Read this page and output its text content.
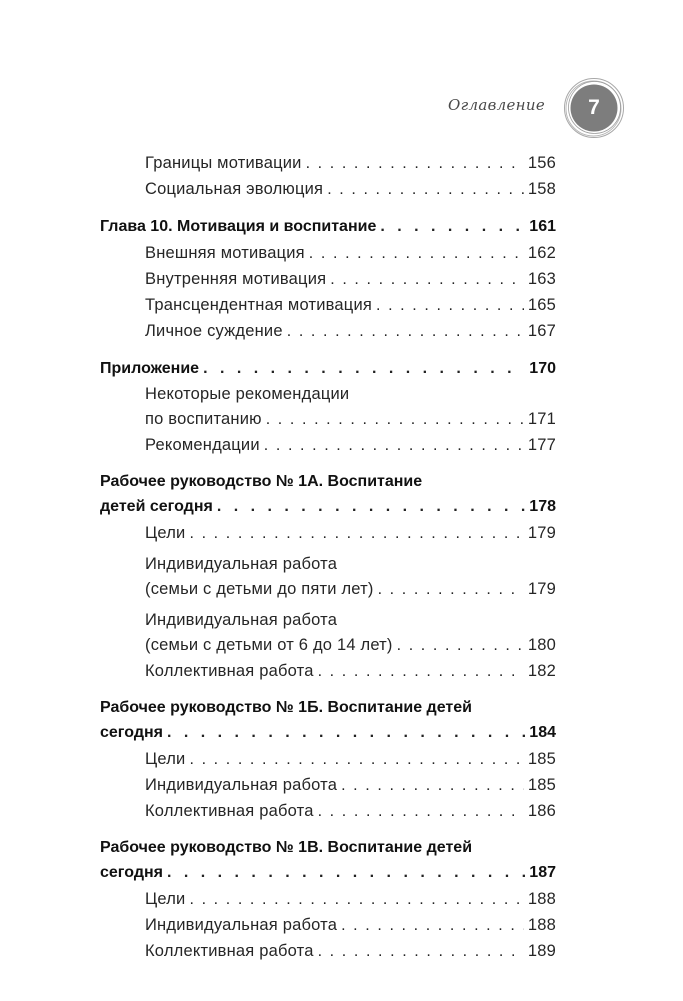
Оглавление	7
Границы мотивации . . .	156
Социальная эволюция . . .	158
Глава 10. Мотивация и воспитание . . .	161
Внешняя мотивация . . .	162
Внутренняя мотивация . . .	163
Трансцендентная мотивация . . .	165
Личное суждение . . .	167
Приложение . . .	170
Некоторые рекомендации
по воспитанию . . .	171
Рекомендации . . .	177
Рабочее руководство № 1А. Воспитание
детей сегодня . . .	178
Цели . . .	179
Индивидуальная работа
(семьи с детьми до пяти лет) . . .	179
Индивидуальная работа
(семьи с детьми от 6 до 14 лет) . . .	180
Коллективная работа . . .	182
Рабочее руководство № 1Б. Воспитание детей
сегодня . . .	184
Цели . . .	185
Индивидуальная работа . . .	185
Коллективная работа . . .	186
Рабочее руководство № 1В. Воспитание детей
сегодня . . .	187
Цели . . .	188
Индивидуальная работа . . .	188
Коллективная работа . . .	189
